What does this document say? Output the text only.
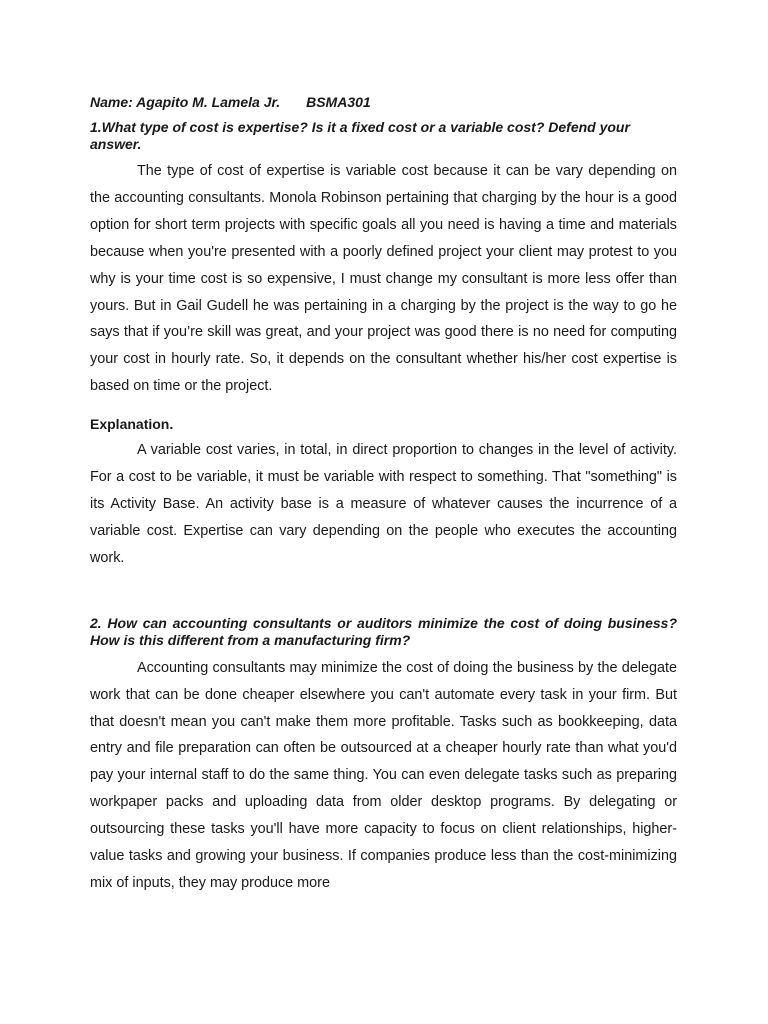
Name: Agapito M. Lamela Jr. BSMA301

1.What type of cost is expertise? Is it a fixed cost or a variable cost? Defend your answer.

The type of cost of expertise is variable cost because it can be vary depending on the accounting consultants. Monola Robinson pertaining that charging by the hour is a good option for short term projects with specific goals all you need is having a time and materials because when you're presented with a poorly defined project your client may protest to you why is your time cost is so expensive, I must change my consultant is more less offer than yours. But in Gail Gudell he was pertaining in a charging by the project is the way to go he says that if you’re skill was great, and your project was good there is no need for computing your cost in hourly rate. So, it depends on the consultant whether his/her cost expertise is based on time or the project.

Explanation.

A variable cost varies, in total, in direct proportion to changes in the level of activity. For a cost to be variable, it must be variable with respect to something. That "something" is its Activity Base. An activity base is a measure of whatever causes the incurrence of a variable cost. Expertise can vary depending on the people who executes the accounting work.

2. How can accounting consultants or auditors minimize the cost of doing business? How is this different from a manufacturing firm?

Accounting consultants may minimize the cost of doing the business by the delegate work that can be done cheaper elsewhere you can't automate every task in your firm. But that doesn't mean you can't make them more profitable. Tasks such as bookkeeping, data entry and file preparation can often be outsourced at a cheaper hourly rate than what you'd pay your internal staff to do the same thing. You can even delegate tasks such as preparing workpaper packs and uploading data from older desktop programs. By delegating or outsourcing these tasks you'll have more capacity to focus on client relationships, higher-value tasks and growing your business. If companies produce less than the cost-minimizing mix of inputs, they may produce more
